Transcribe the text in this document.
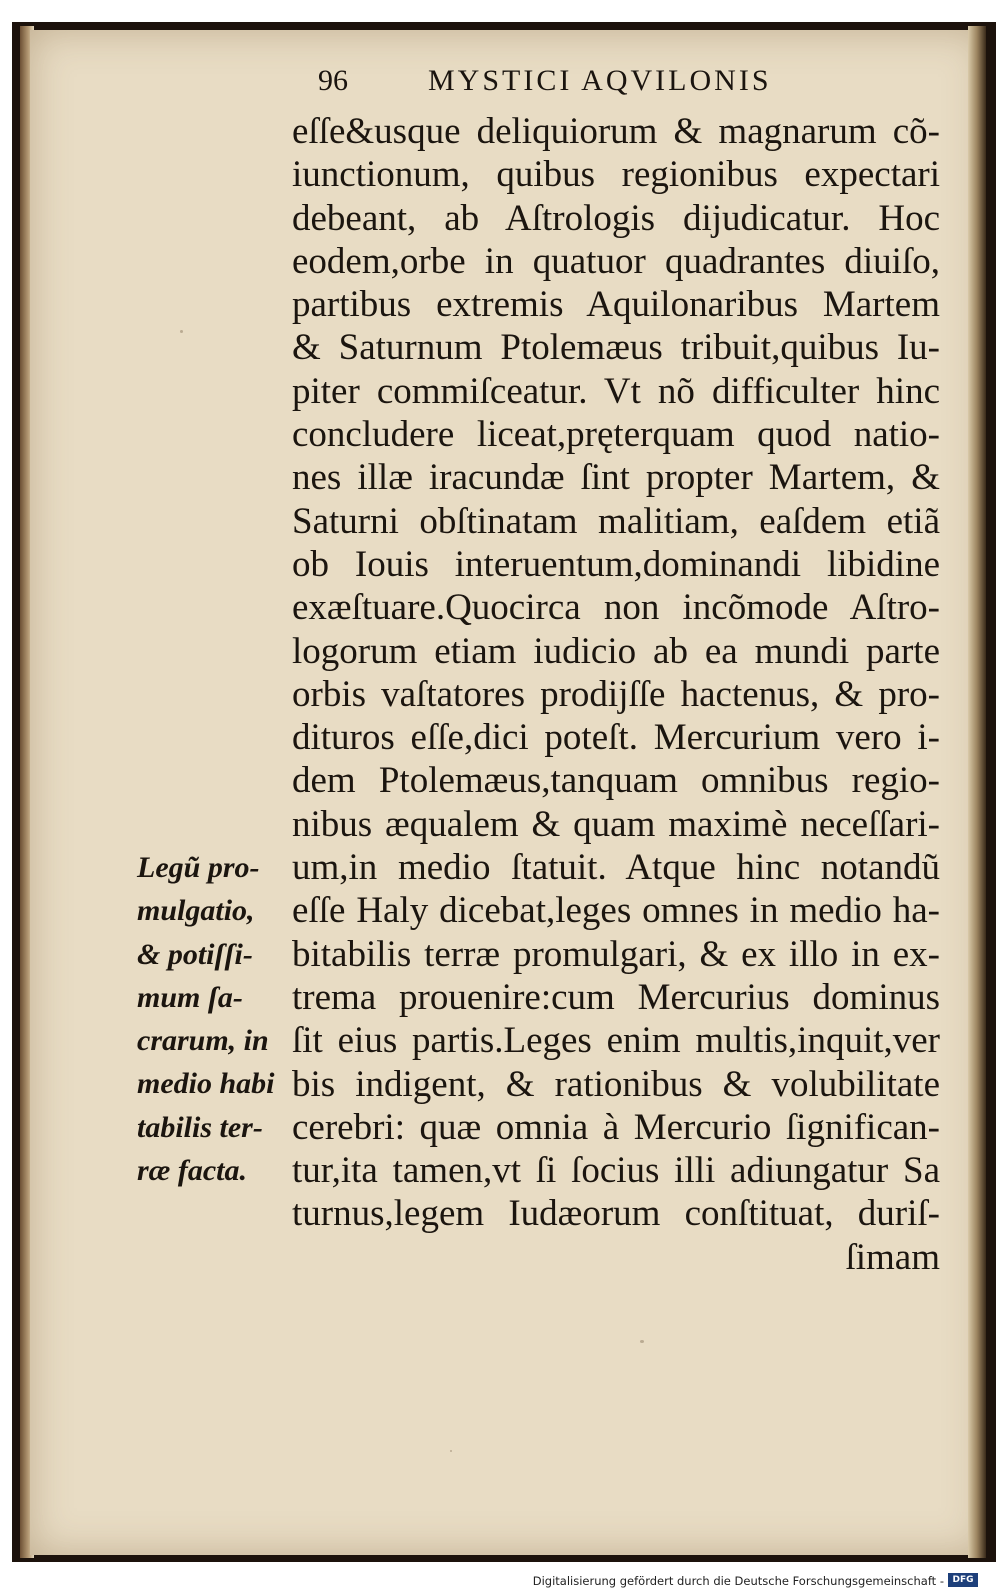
96	MYSTICI AQVILONIS
eſſe&usque deliquiorum & magnarum cõ-
iunctionum, quibus regionibus expectari
debeant, ab Aſtrologis dijudicatur. Hoc
eodem,orbe in quatuor quadrantes diuiſo,
partibus extremis Aquilonaribus Martem
& Saturnum Ptolemæus tribuit,quibus Iu-
piter commiſceatur. Vt nõ difficulter hinc
concludere liceat,pręterquam quod natio-
nes illæ iracundæ ſint propter Martem, &
Saturni obſtinatam malitiam, eaſdem etiã
ob Iouis interuentum,dominandi libidine
exæſtuare.Quocirca non incõmode Aſtro-
logorum etiam iudicio ab ea mundi parte
orbis vaſtatores prodijſſe hactenus, & pro-
dituros eſſe,dici poteſt. Mercurium vero i-
dem Ptolemæus,tanquam omnibus regio-
nibus æqualem & quam maximè neceſſari-
um,in medio ſtatuit. Atque hinc notandũ
eſſe Haly dicebat,leges omnes in medio ha-
bitabilis terræ promulgari, & ex illo in ex-
trema prouenire:cum Mercurius dominus
ſit eius partis.Leges enim multis,inquit,ver
bis indigent, & rationibus & volubilitate
cerebri: quæ omnia à Mercurio ſignifican-
tur,ita tamen,vt ſi ſocius illi adiungatur Sa
turnus,legem Iudæorum conſtituat, duriſ-
ſimam
Legũ pro-
mulgatio,
& potiſſi-
mum ſa-
crarum, in
medio habi
tabilis ter-
ræ facta.
Digitalisierung gefördert durch die Deutsche Forschungsgemeinschaft - DFG
